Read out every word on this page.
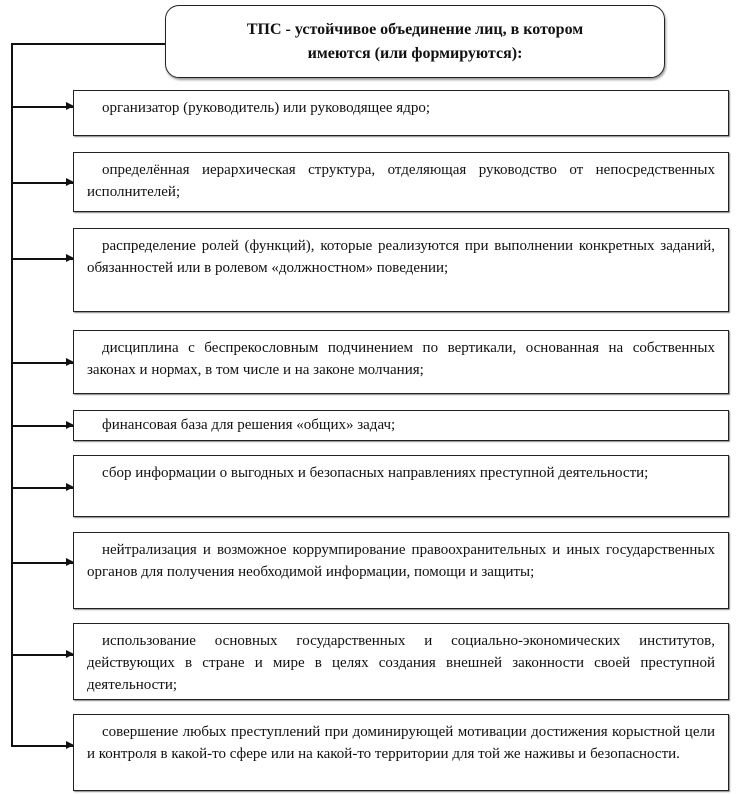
ТПС - устойчивое объединение лиц, в котором имеются (или формируются):
организатор (руководитель) или руководящее ядро;
определённая иерархическая структура, отделяющая руководство от непосредственных исполнителей;
распределение ролей (функций), которые реализуются при выполнении конкретных заданий, обязанностей или в ролевом «должностном» поведении;
дисциплина с беспрекословным подчинением по вертикали, основанная на собственных законах и нормах, в том числе и на законе молчания;
финансовая база для решения «общих» задач;
сбор информации о выгодных и безопасных направлениях преступной деятельности;
нейтрализация и возможное коррумпирование правоохранительных и иных государственных органов для получения необходимой информации, помощи и защиты;
использование основных государственных и социально-экономических институтов, действующих в стране и мире в целях создания внешней законности своей преступной деятельности;
совершение любых преступлений при доминирующей мотивации достижения корыстной цели и контроля в какой-то сфере или на какой-то территории для той же наживы и безопасности.
